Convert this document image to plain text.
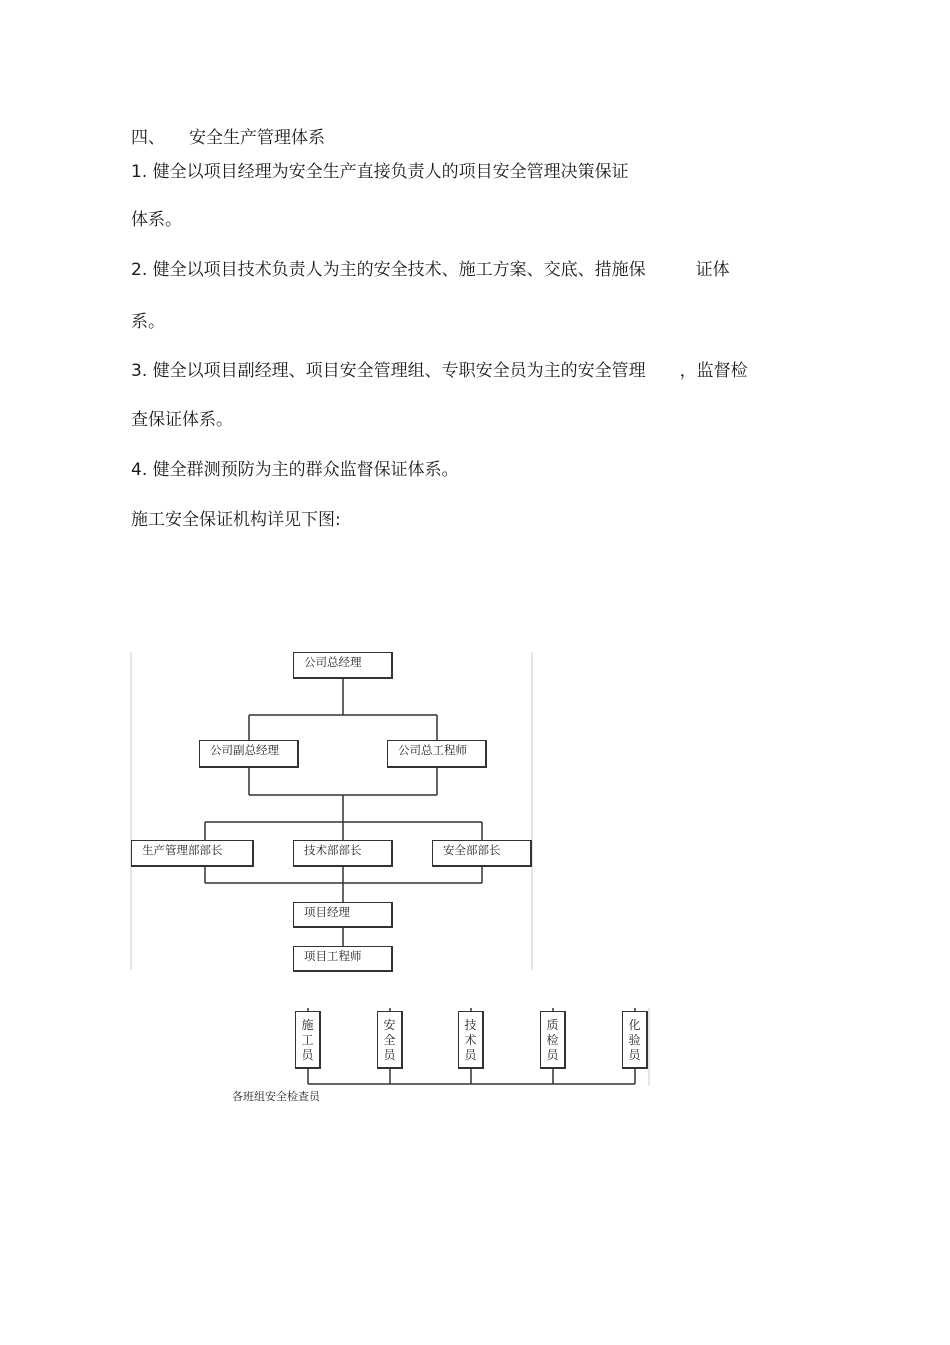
四、 安全生产管理体系
1. 健全以项目经理为安全生产直接负责人的项目安全管理决策保证
体系。
2. 健全以项目技术负责人为主的安全技术、施工方案、交底、措施保	证体
系。
3. 健全以项目副经理、项目安全管理组、专职安全员为主的安全管理 ，监督检
查保证体系。
4. 健全群测预防为主的群众监督保证体系。
施工安全保证机构详见下图:
公司总经理
公司副总经理	公司总工程师
生产管理部部长	技术部部长	安全部部长
项目经理
项目工程师
施
工
员
安
全
员
技
术
员
质
检
员
化
验
员
各班组安全检查员
